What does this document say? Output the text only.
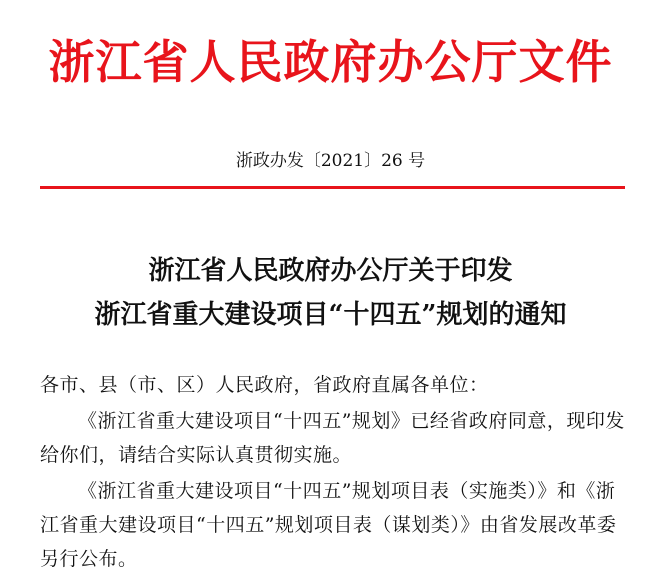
浙江省人民政府办公厅文件
浙政办发〔2021〕26 号
浙江省人民政府办公厅关于印发
浙江省重大建设项目“十四五”规划的通知

各市、县（市、区）人民政府，省政府直属各单位：

《浙江省重大建设项目“十四五”规划》已经省政府同意，现印发给你们，请结合实际认真贯彻实施。

《浙江省重大建设项目“十四五”规划项目表（实施类）》和《浙江省重大建设项目“十四五”规划项目表（谋划类）》由省发展改革委另行公布。
